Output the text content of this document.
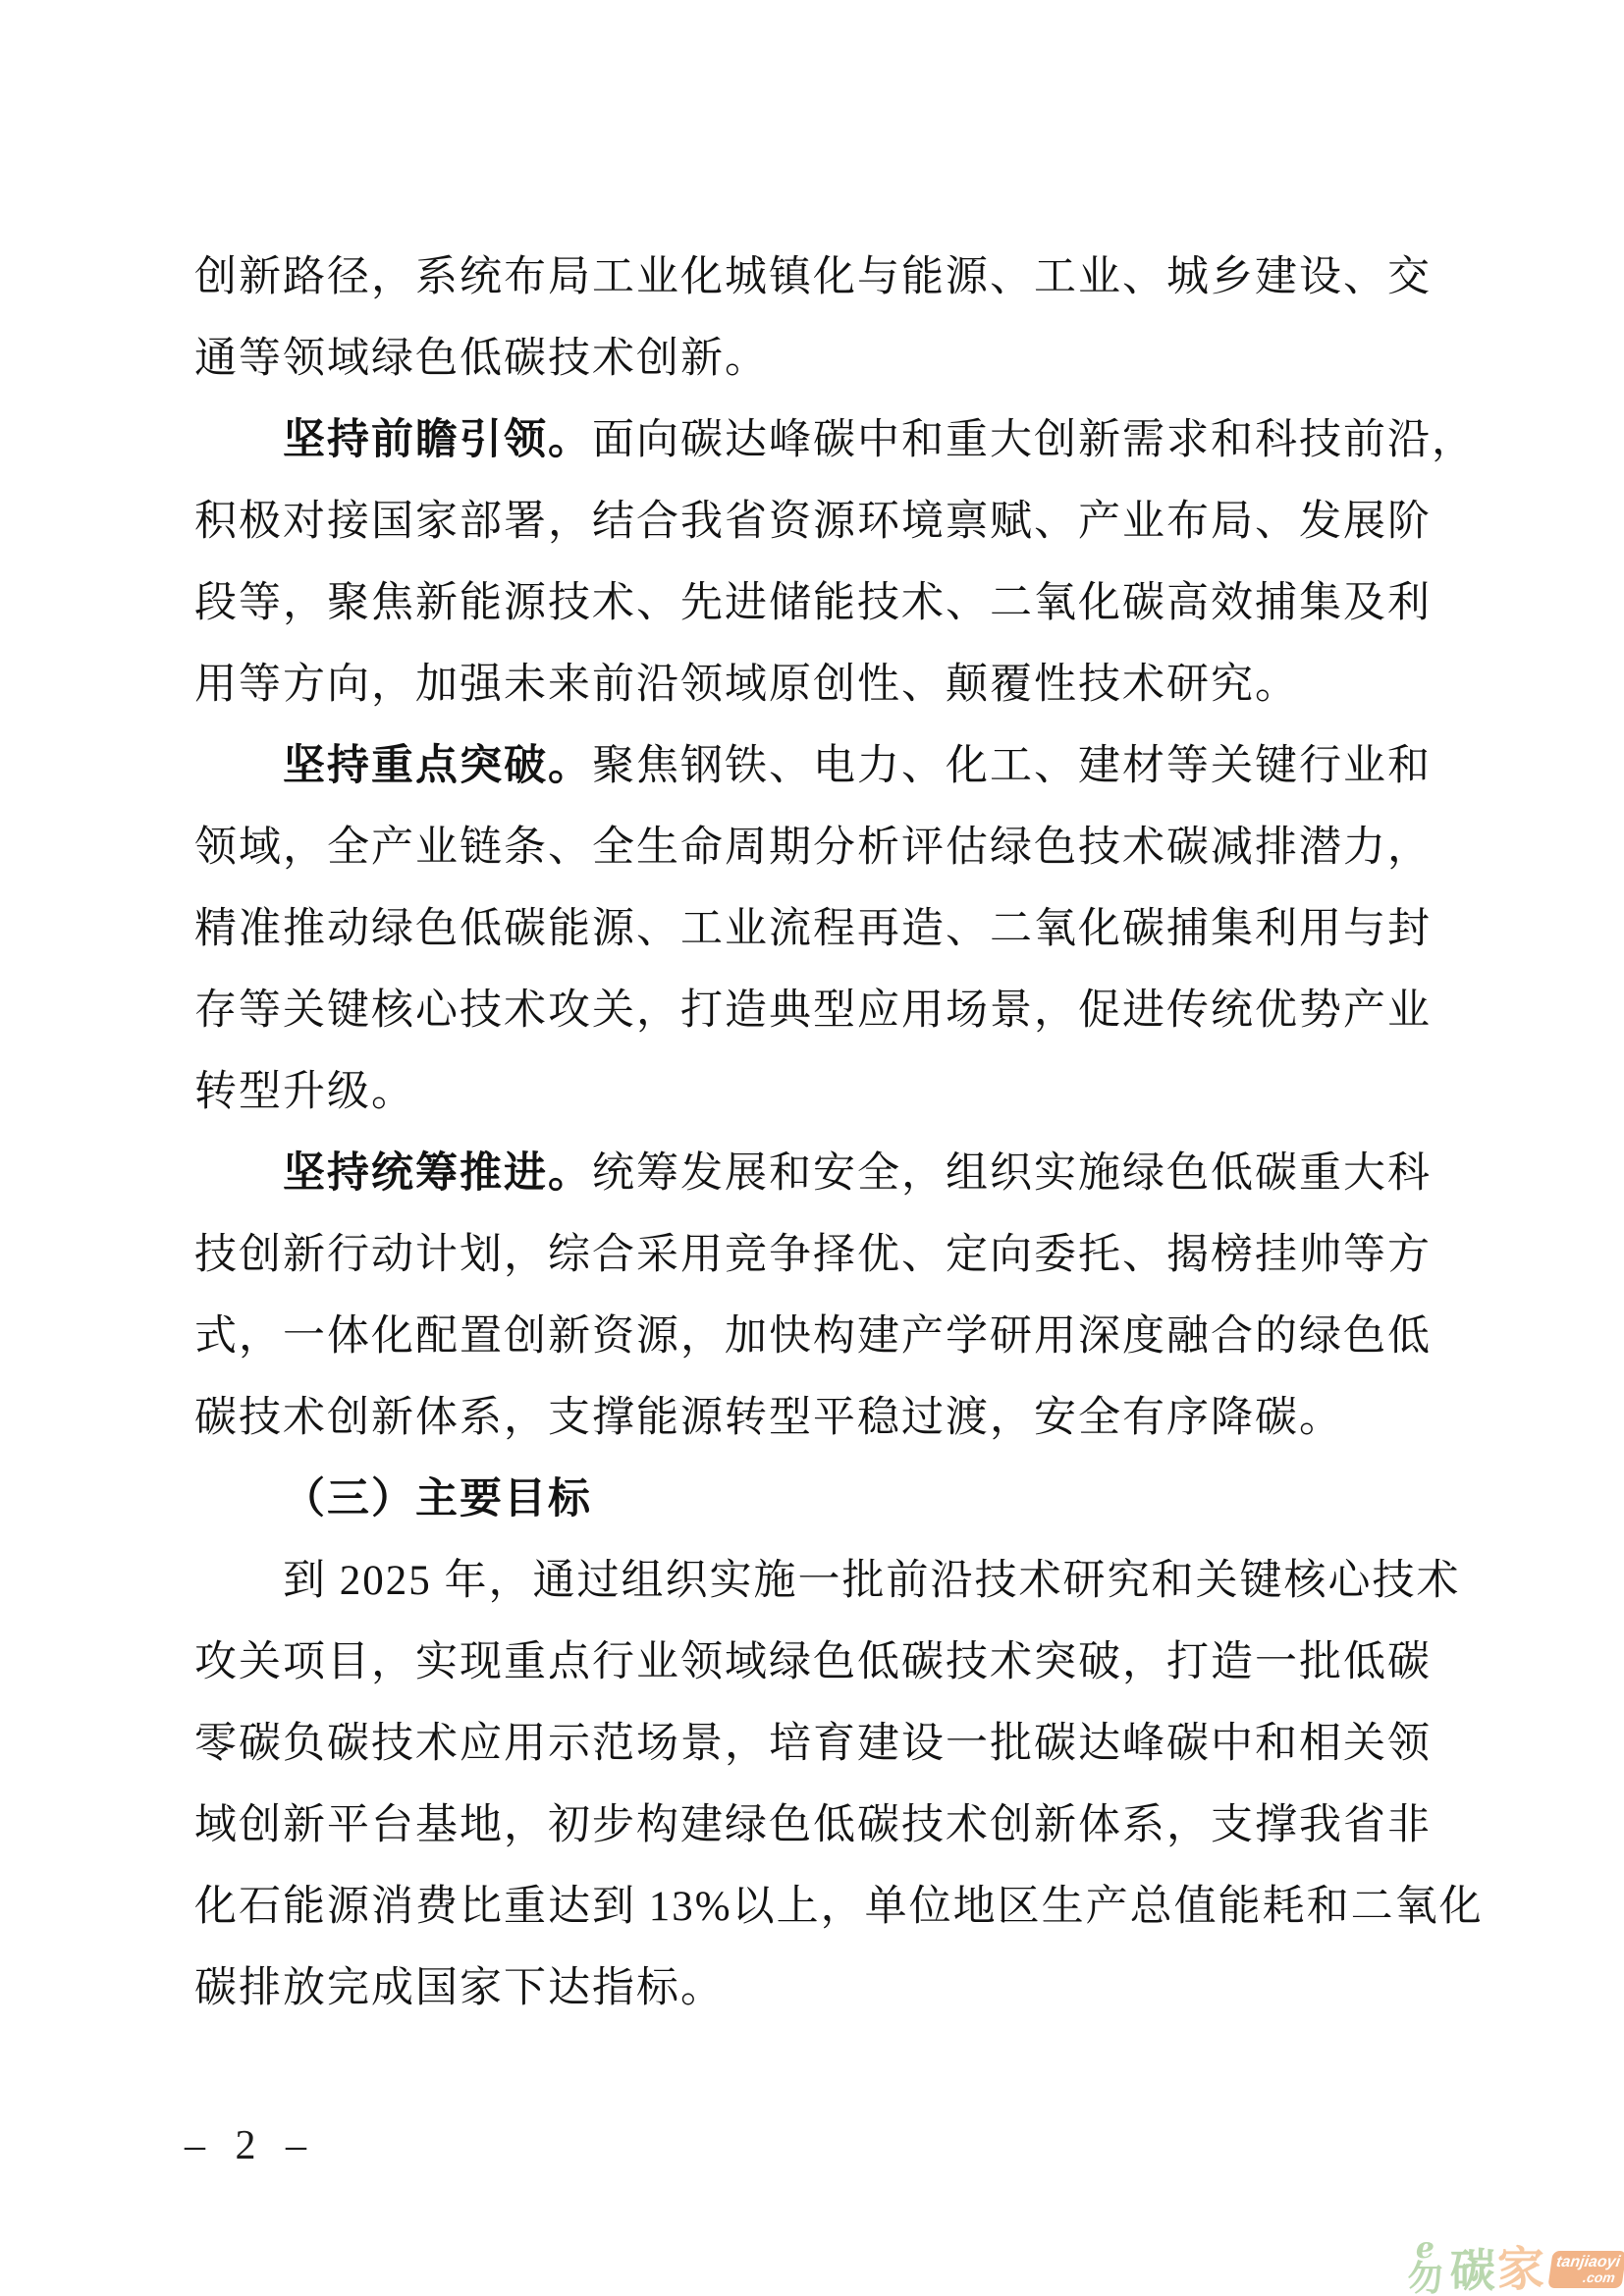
创新路径，系统布局工业化城镇化与能源、工业、城乡建设、交
通等领域绿色低碳技术创新。
坚持前瞻引领。面向碳达峰碳中和重大创新需求和科技前沿，
积极对接国家部署，结合我省资源环境禀赋、产业布局、发展阶
段等，聚焦新能源技术、先进储能技术、二氧化碳高效捕集及利
用等方向，加强未来前沿领域原创性、颠覆性技术研究。
坚持重点突破。聚焦钢铁、电力、化工、建材等关键行业和
领域，全产业链条、全生命周期分析评估绿色技术碳减排潜力，
精准推动绿色低碳能源、工业流程再造、二氧化碳捕集利用与封
存等关键核心技术攻关，打造典型应用场景，促进传统优势产业
转型升级。
坚持统筹推进。统筹发展和安全，组织实施绿色低碳重大科
技创新行动计划，综合采用竞争择优、定向委托、揭榜挂帅等方
式，一体化配置创新资源，加快构建产学研用深度融合的绿色低
碳技术创新体系，支撑能源转型平稳过渡，安全有序降碳。
（三）主要目标
到 2025 年，通过组织实施一批前沿技术研究和关键核心技术
攻关项目，实现重点行业领域绿色低碳技术突破，打造一批低碳
零碳负碳技术应用示范场景，培育建设一批碳达峰碳中和相关领
域创新平台基地，初步构建绿色低碳技术创新体系，支撑我省非
化石能源消费比重达到 13%以上，单位地区生产总值能耗和二氧化
碳排放完成国家下达指标。
– 2 –
e
勿 碳 家 tanjiaoyi
.com
